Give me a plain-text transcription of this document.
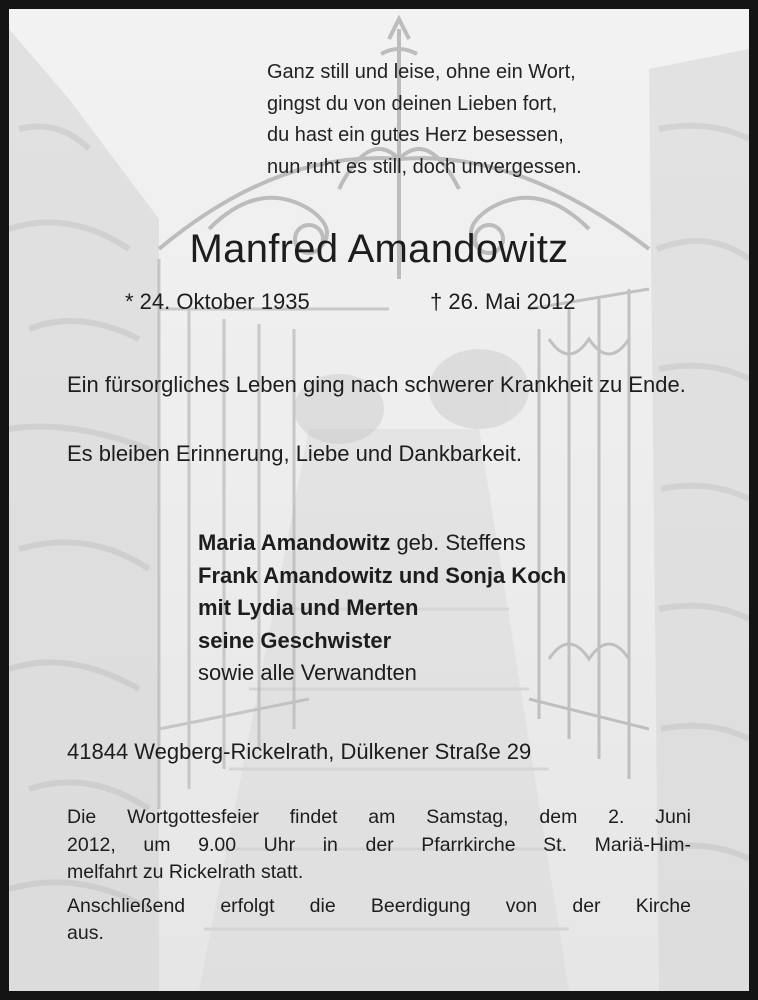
Ganz still und leise, ohne ein Wort,
gingst du von deinen Lieben fort,
du hast ein gutes Herz besessen,
nun ruht es still, doch unvergessen.
Manfred Amandowitz
* 24. Oktober 1935	† 26. Mai 2012
Ein fürsorgliches Leben ging nach schwerer Krankheit zu Ende.
Es bleiben Erinnerung, Liebe und Dankbarkeit.
Maria Amandowitz geb. Steffens
Frank Amandowitz und Sonja Koch
mit Lydia und Merten
seine Geschwister
sowie alle Verwandten
41844 Wegberg-Rickelrath, Dülkener Straße 29
Die Wortgottesfeier findet am Samstag, dem 2. Juni
2012, um 9.00 Uhr in der Pfarrkirche St. Mariä-Him-
melfahrt zu Rickelrath statt.
Anschließend erfolgt die Beerdigung von der Kirche
aus.
